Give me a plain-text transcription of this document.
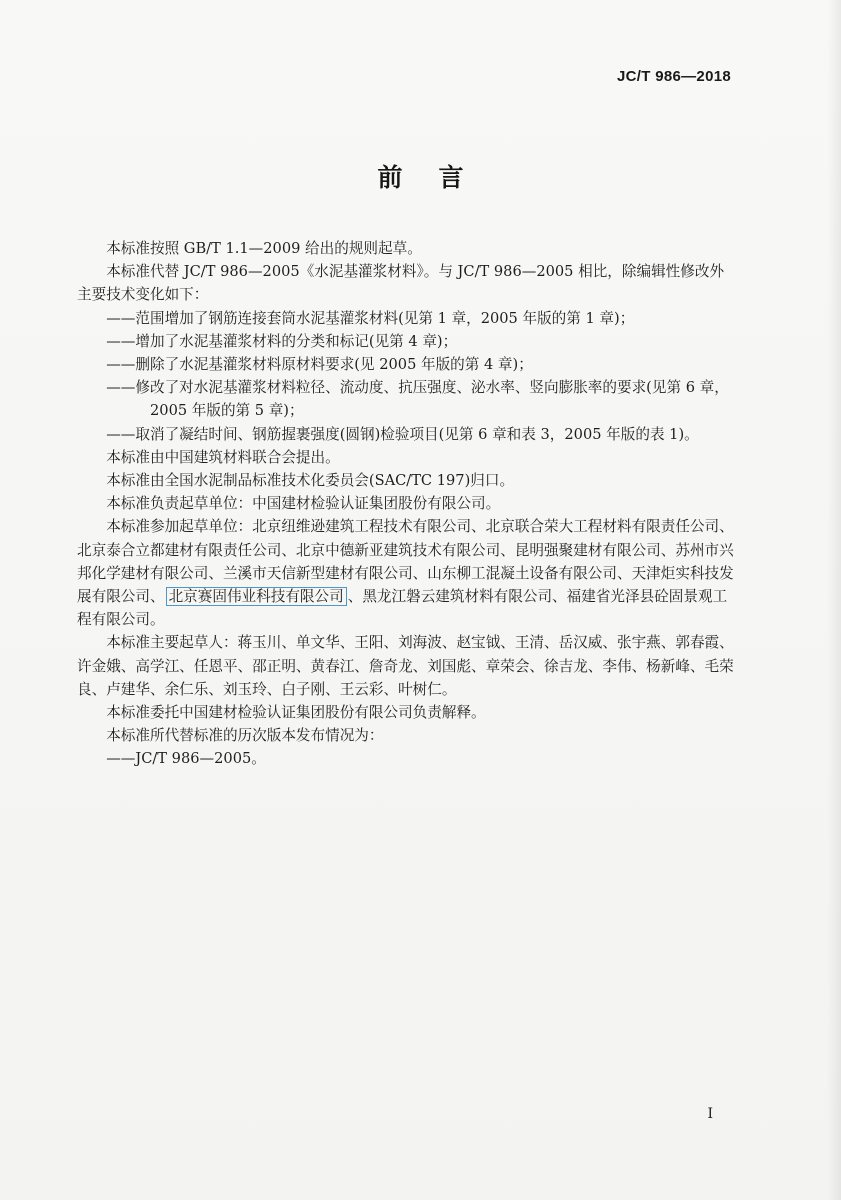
JC/T 986—2018
前言

本标准按照 GB/T 1.1—2009 给出的规则起草。

本标准代替 JC/T 986—2005《水泥基灌浆材料》。与 JC/T 986—2005 相比，除编辑性修改外主要技术变化如下：

——范围增加了钢筋连接套筒水泥基灌浆材料(见第 1 章，2005 年版的第 1 章)；

——增加了水泥基灌浆材料的分类和标记(见第 4 章)；

——删除了水泥基灌浆材料原材料要求(见 2005 年版的第 4 章)；

——修改了对水泥基灌浆材料粒径、流动度、抗压强度、泌水率、竖向膨胀率的要求(见第 6 章，2005 年版的第 5 章)；

——取消了凝结时间、钢筋握裹强度(圆钢)检验项目(见第 6 章和表 3，2005 年版的表 1)。

本标准由中国建筑材料联合会提出。

本标准由全国水泥制品标准技术化委员会(SAC/TC 197)归口。

本标准负责起草单位：中国建材检验认证集团股份有限公司。

本标准参加起草单位：北京纽维逊建筑工程技术有限公司、北京联合荣大工程材料有限责任公司、北京泰合立都建材有限责任公司、北京中德新亚建筑技术有限公司、昆明强聚建材有限公司、苏州市兴邦化学建材有限公司、兰溪市天信新型建材有限公司、山东柳工混凝土设备有限公司、天津炬实科技发展有限公司、 北京赛固伟业科技有限公司 、黑龙江磐云建筑材料有限公司、福建省光泽县砼固景观工程有限公司。

本标准主要起草人：蒋玉川、单文华、王阳、刘海波、赵宝钺、王清、岳汉威、张宇燕、郭春霞、许金娥、高学江、任恩平、邵正明、黄春江、詹奇龙、刘国彪、章荣会、徐吉龙、李伟、杨新峰、毛荣良、卢建华、余仁乐、刘玉玲、白子刚、王云彩、叶树仁。

本标准委托中国建材检验认证集团股份有限公司负责解释。

本标准所代替标准的历次版本发布情况为：

——JC/T 986—2005。

I
